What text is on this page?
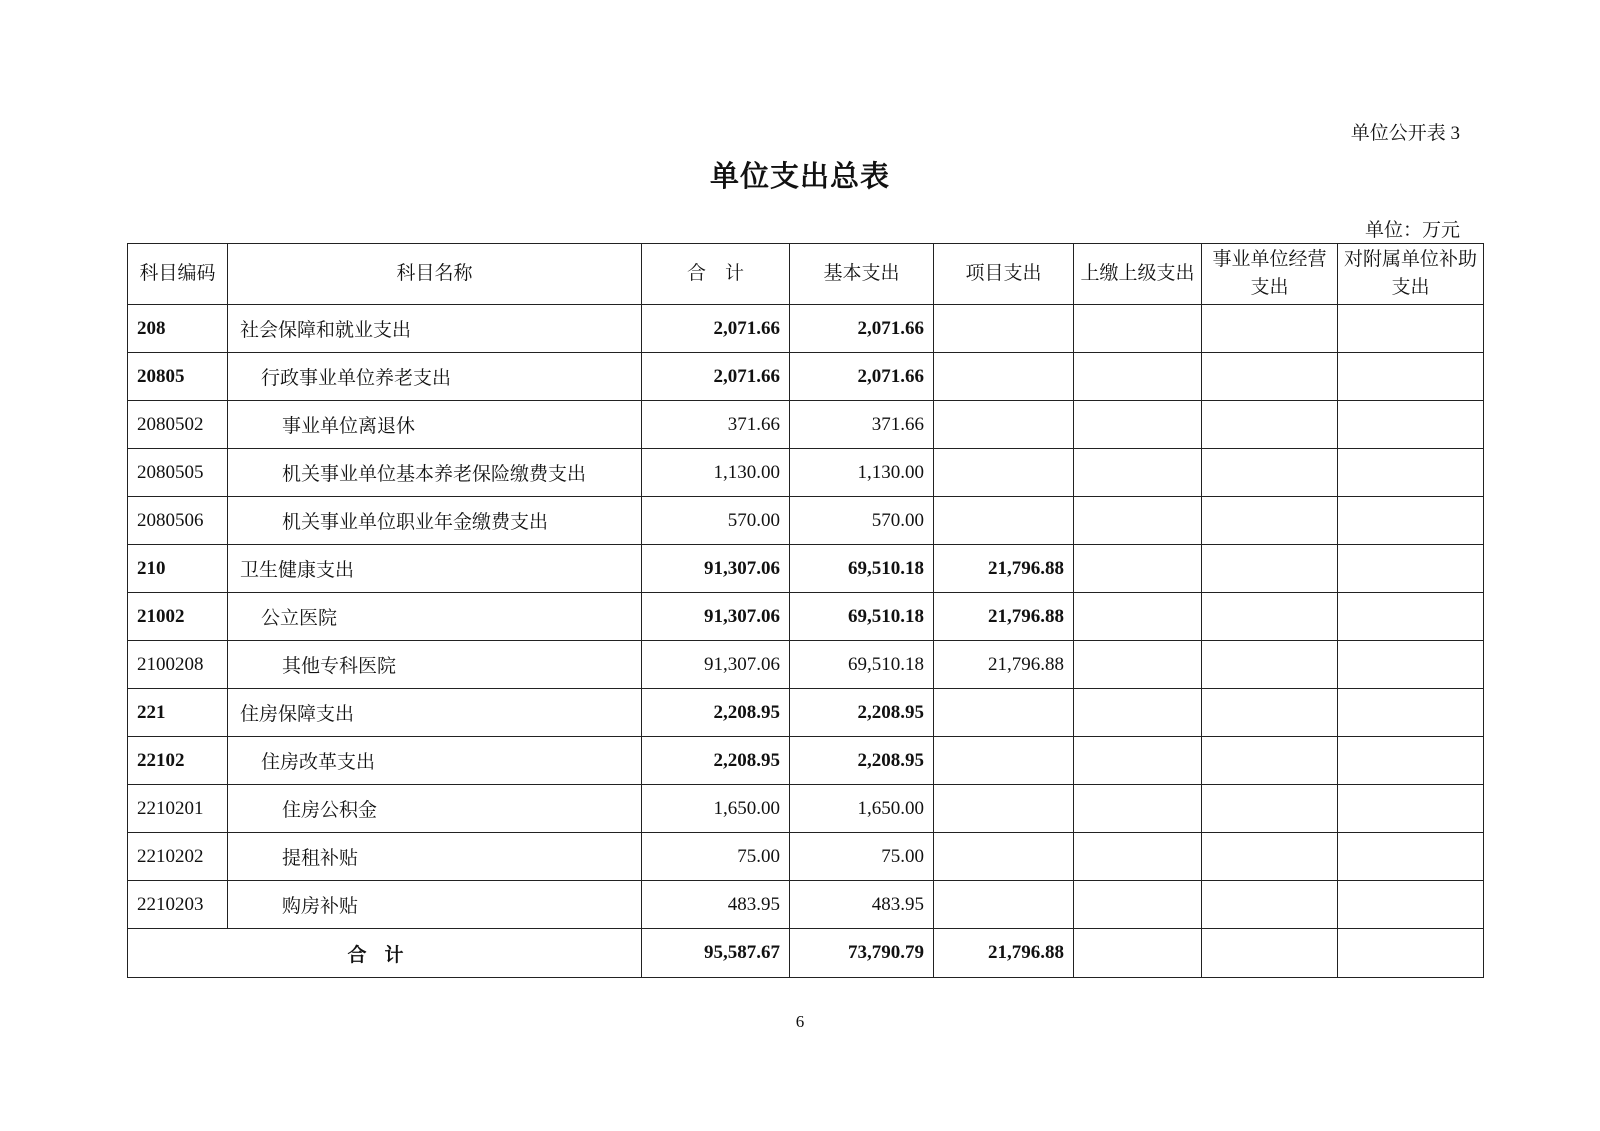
单位公开表 3
单位支出总表
单位：万元
科目编码	科目名称	合　计	基本支出	项目支出	上缴上级支出	事业单位经营支出	对附属单位补助支出
208	社会保障和就业支出	2,071.66	2,071.66				
20805	行政事业单位养老支出	2,071.66	2,071.66				
2080502	事业单位离退休	371.66	371.66				
2080505	机关事业单位基本养老保险缴费支出	1,130.00	1,130.00				
2080506	机关事业单位职业年金缴费支出	570.00	570.00				
210	卫生健康支出	91,307.06	69,510.18	21,796.88			
21002	公立医院	91,307.06	69,510.18	21,796.88			
2100208	其他专科医院	91,307.06	69,510.18	21,796.88			
221	住房保障支出	2,208.95	2,208.95				
22102	住房改革支出	2,208.95	2,208.95				
2210201	住房公积金	1,650.00	1,650.00				
2210202	提租补贴	75.00	75.00				
2210203	购房补贴	483.95	483.95				
合计		95,587.67	73,790.79	21,796.88			
6
